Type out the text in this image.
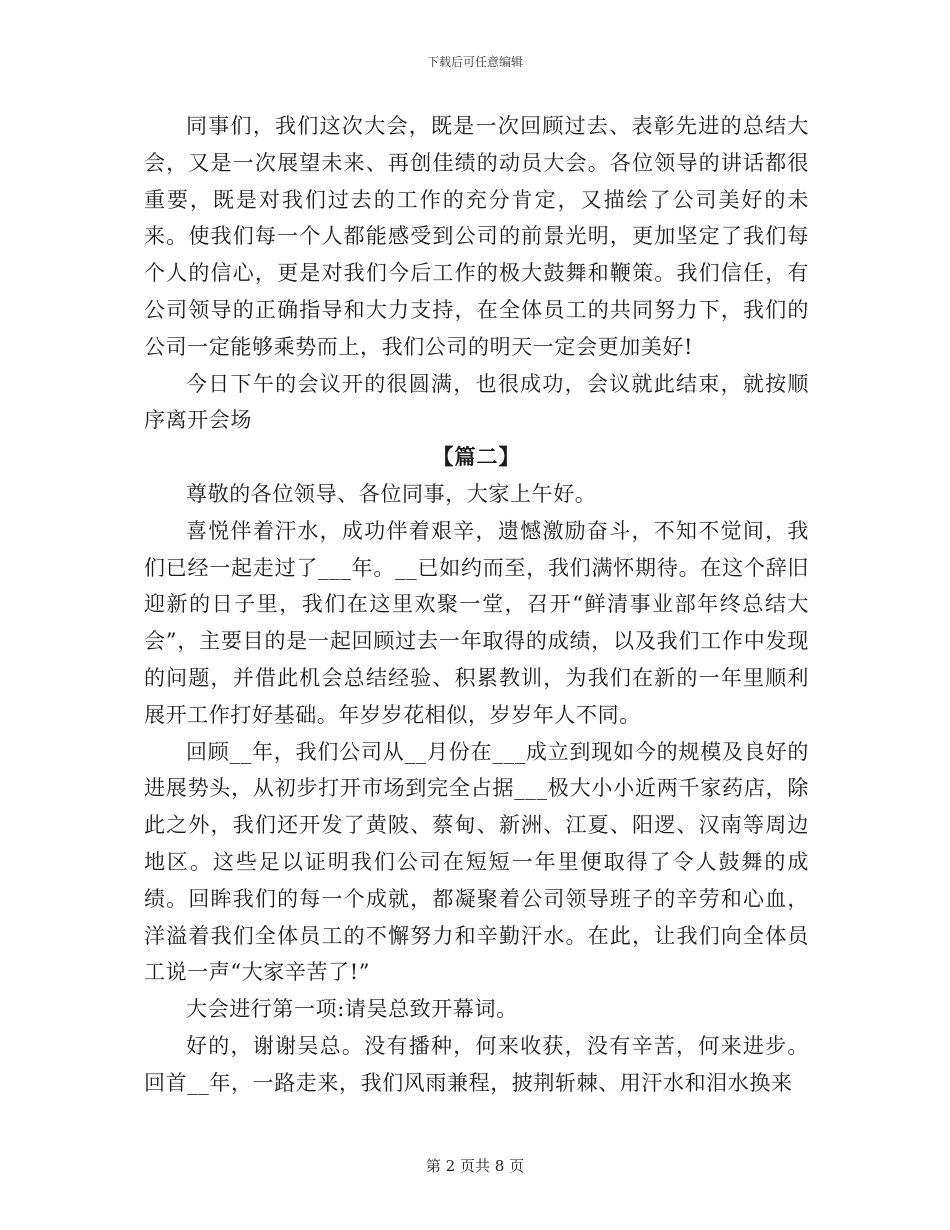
下载后可任意编辑

同事们，我们这次大会，既是一次回顾过去、表彰先进的总结大会，又是一次展望未来、再创佳绩的动员大会。各位领导的讲话都很重要，既是对我们过去的工作的充分肯定，又描绘了公司美好的未来。使我们每一个人都能感受到公司的前景光明，更加坚定了我们每个人的信心，更是对我们今后工作的极大鼓舞和鞭策。我们信任，有公司领导的正确指导和大力支持，在全体员工的共同努力下，我们的公司一定能够乘势而上，我们公司的明天一定会更加美好!

今日下午的会议开的很圆满，也很成功，会议就此结束，就按顺序离开会场

【篇二】

尊敬的各位领导、各位同事，大家上午好。

喜悦伴着汗水，成功伴着艰辛，遗憾激励奋斗，不知不觉间，我们已经一起走过了___年。__已如约而至，我们满怀期待。在这个辞旧迎新的日子里，我们在这里欢聚一堂，召开“鲜清事业部年终总结大会”，主要目的是一起回顾过去一年取得的成绩，以及我们工作中发现的问题，并借此机会总结经验、积累教训，为我们在新的一年里顺利展开工作打好基础。年岁岁花相似，岁岁年人不同。

回顾__年，我们公司从__月份在___成立到现如今的规模及良好的进展势头，从初步打开市场到完全占据___极大小小近两千家药店，除此之外，我们还开发了黄陂、蔡甸、新洲、江夏、阳逻、汉南等周边地区。这些足以证明我们公司在短短一年里便取得了令人鼓舞的成绩。回眸我们的每一个成就，都凝聚着公司领导班子的辛劳和心血，洋溢着我们全体员工的不懈努力和辛勤汗水。在此，让我们向全体员工说一声“大家辛苦了!”

大会进行第一项:请吴总致开幕词。

好的，谢谢吴总。没有播种，何来收获，没有辛苦，何来进步。回首__年，一路走来，我们风雨兼程，披荆斩棘、用汗水和泪水换来

第 2 页共 8 页
